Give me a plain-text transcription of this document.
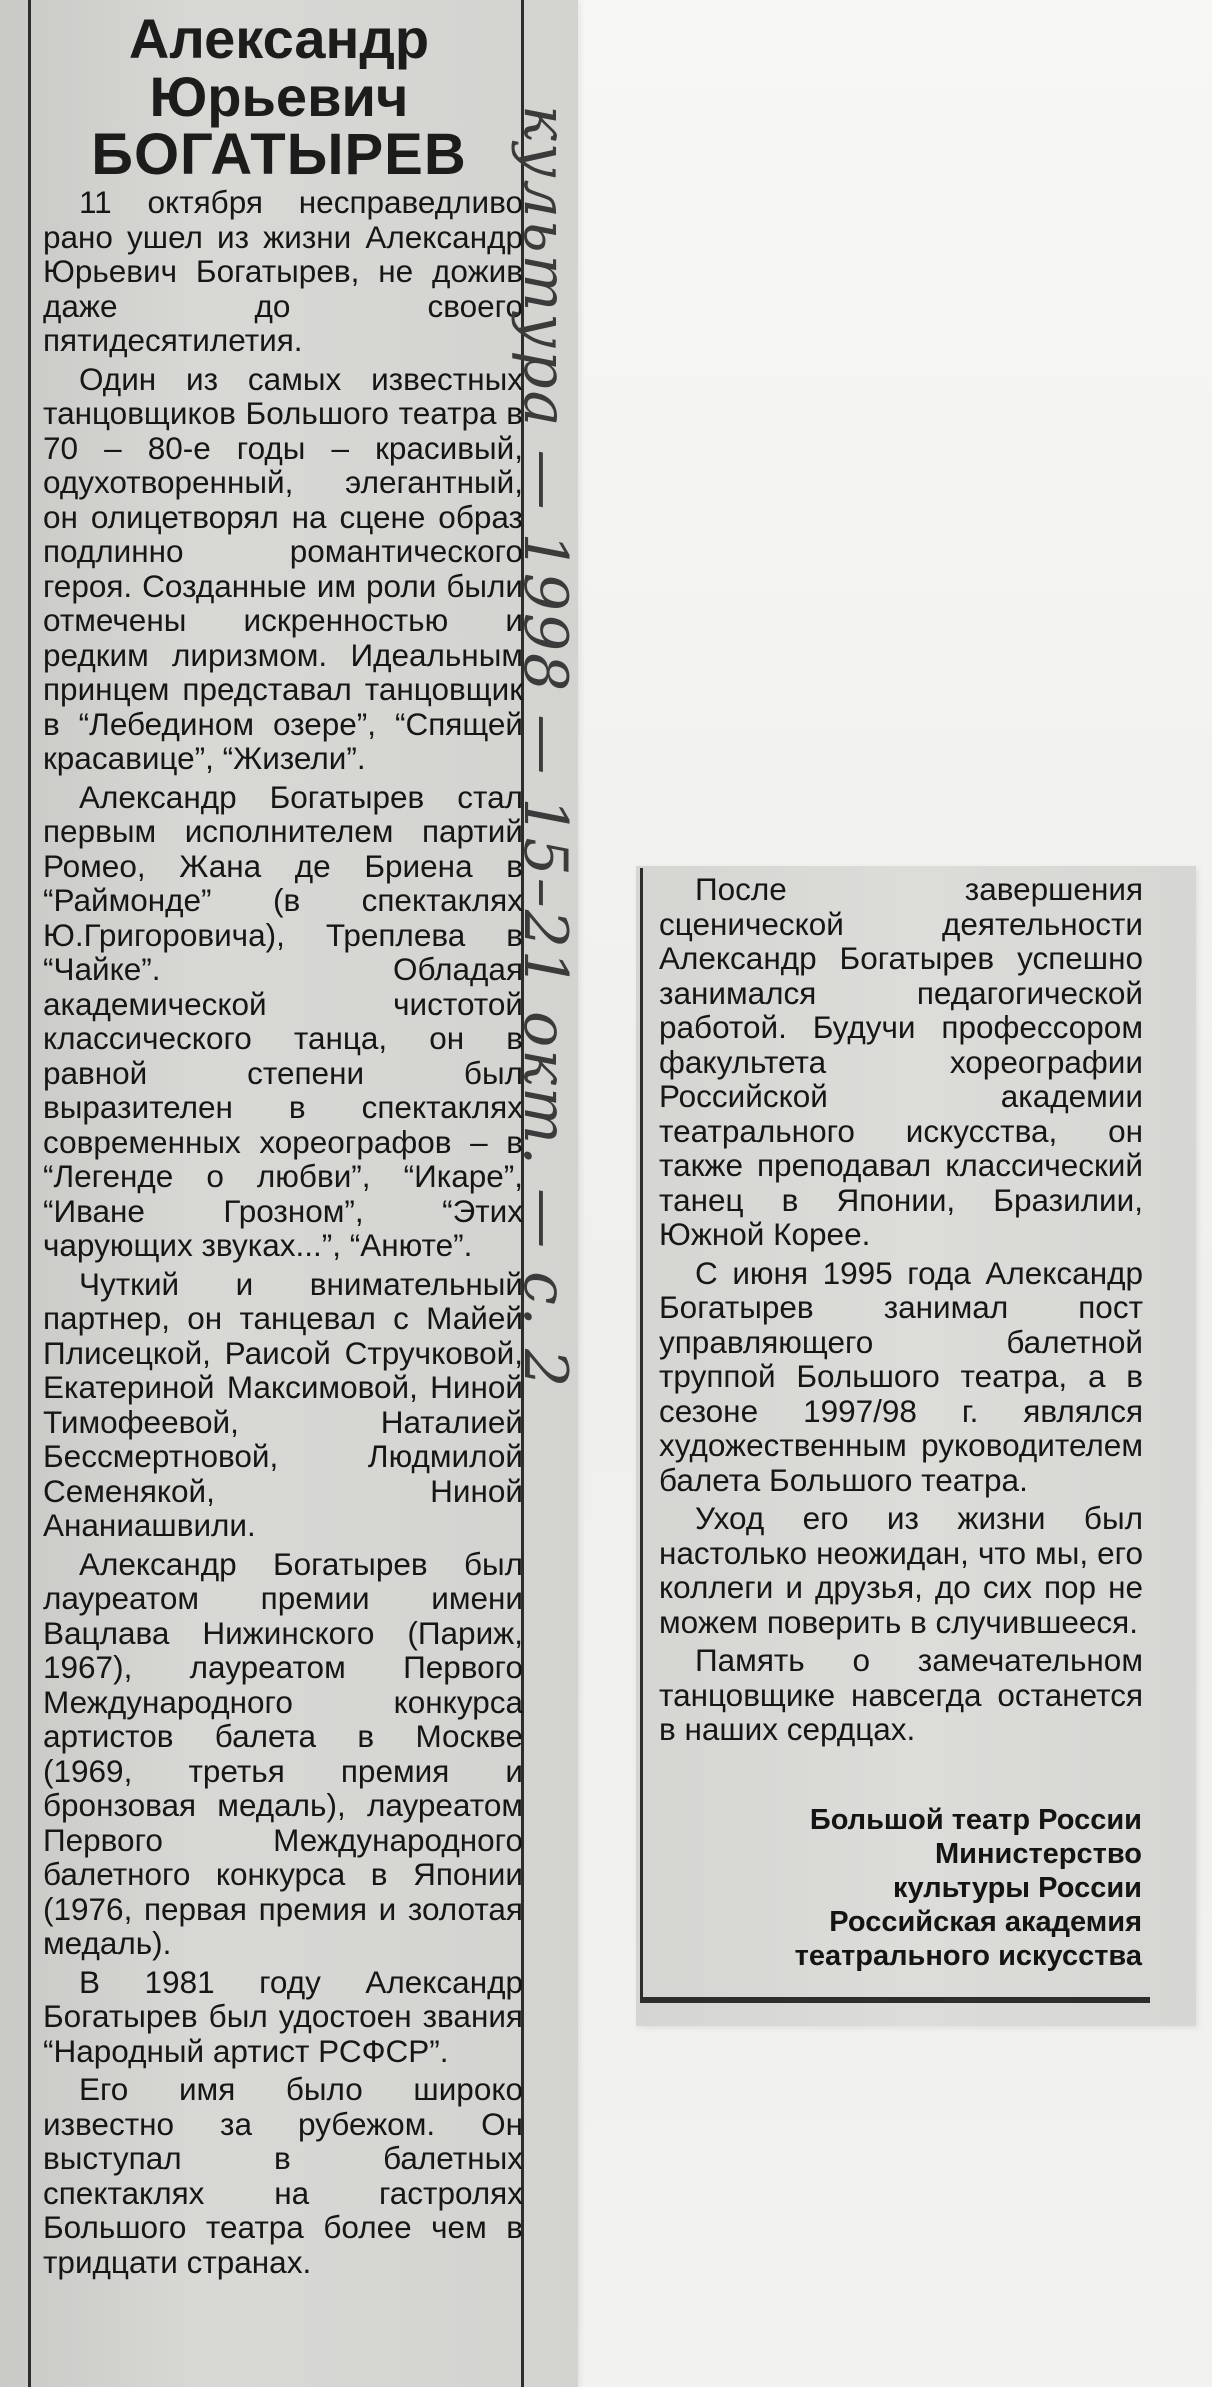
Александр
Юрьевич
БОГАТЫРЕВ

11 октября несправедливо рано ушел из жизни Александр Юрьевич Богатырев, не дожив даже до своего пятидесятилетия.

Один из самых известных танцовщиков Большого театра в 70 – 80-е годы – красивый, одухотворенный, элегантный, он олицетворял на сцене образ подлинно романтического героя. Созданные им роли были отмечены искренностью и редким лиризмом. Идеальным принцем представал танцовщик в “Лебедином озере”, “Спящей красавице”, “Жизели”.

Александр Богатырев стал первым исполнителем партий Ромео, Жана де Бриена в “Раймонде” (в спектаклях Ю.Григоровича), Треплева в “Чайке”. Обладая академической чистотой классического танца, он в равной степени был выразителен в спектаклях современных хореографов – в “Легенде о любви”, “Икаре”, “Иване Грозном”, “Этих чарующих звуках...”, “Анюте”.

Чуткий и внимательный партнер, он танцевал с Майей Плисецкой, Раисой Стручковой, Екатериной Максимовой, Ниной Тимофеевой, Наталией Бессмертновой, Людмилой Семенякой, Ниной Ананиашвили.

Александр Богатырев был лауреатом премии имени Вацлава Нижинского (Париж, 1967), лауреатом Первого Международного конкурса артистов балета в Москве (1969, третья премия и бронзовая медаль), лауреатом Первого Международного балетного конкурса в Японии (1976, первая премия и золотая медаль).

В 1981 году Александр Богатырев был удостоен звания “Народный артист РСФСР”.

Его имя было широко известно за рубежом. Он выступал в балетных спектаклях на гастролях Большого театра более чем в тридцати странах.

культура — 1998 — 15–21 окт. — с. 2	После завершения сценической деятельности Александр Богатырев успешно занимался педагогической работой. Будучи профессором факультета хореографии Российской академии театрального искусства, он также преподавал классический танец в Японии, Бразилии, Южной Корее.

С июня 1995 года Александр Богатырев занимал пост управляющего балетной труппой Большого театра, а в сезоне 1997/98 г. являлся художественным руководителем балета Большого театра.

Уход его из жизни был настолько неожидан, что мы, его коллеги и друзья, до сих пор не можем поверить в случившееся.

Память о замечательном танцовщике навсегда останется в наших сердцах.

Большой театр России
Министерство
культуры России
Российская академия
театрального искусства
